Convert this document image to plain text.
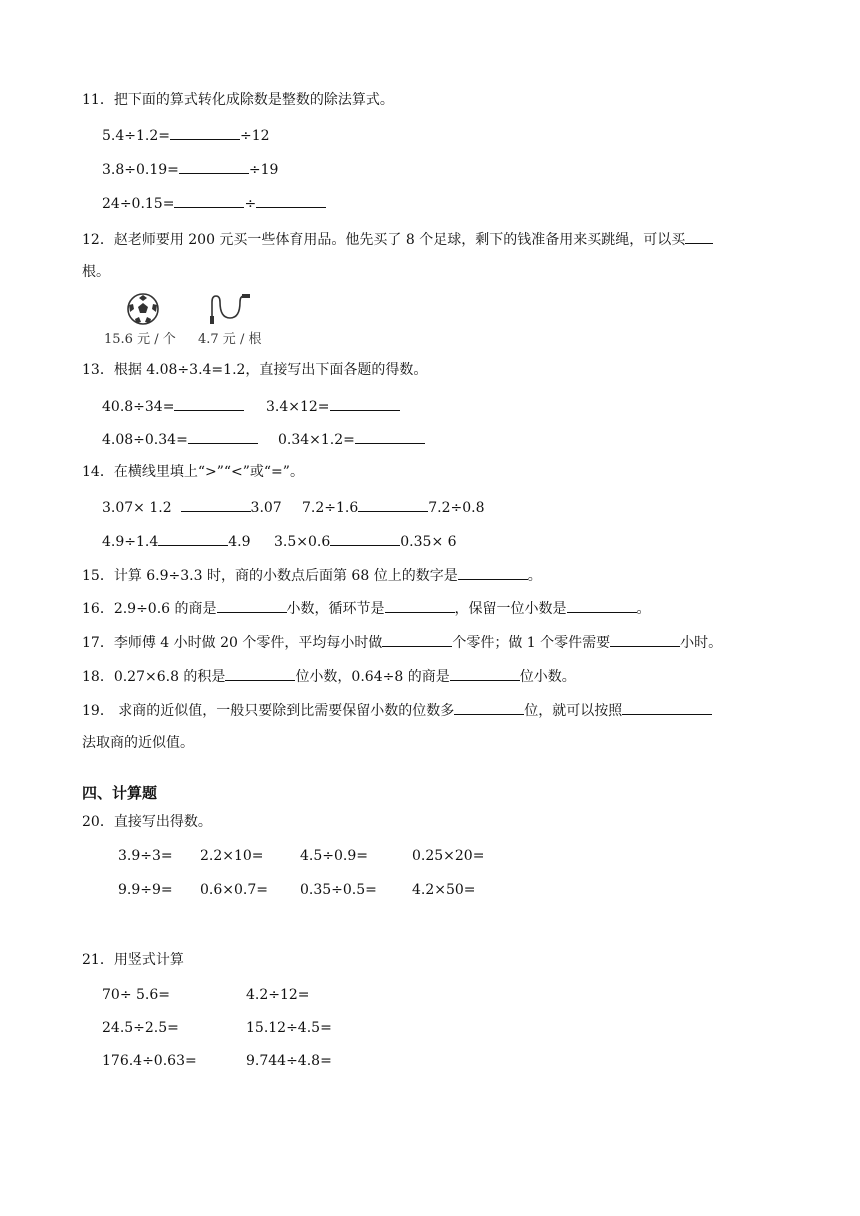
11．把下面的算式转化成除数是整数的除法算式。
5.4÷1.2=	÷12
3.8÷0.19=	÷19
24÷0.15=	÷
12．赵老师要用 200 元买一些体育用品。他先买了 8 个足球，剩下的钱准备用来买跳绳，可以买
根。
15.6 元 / 个 4.7 元 / 根
13．根据 4.08÷3.4=1.2，直接写出下面各题的得数。
40.8÷34=	3.4×12=
4.08÷0.34=	0.34×1.2=
14．在横线里填上“>”“<”或“=”。
3.07× 1.2	3.07 7.2÷1.6	7.2÷0.8
4.9÷1.4	4.9 3.5×0.6	0.35× 6
15．计算 6.9÷3.3 时，商的小数点后面第 68 位上的数字是	。
16．2.9÷0.6 的商是	小数，循环节是	，保留一位小数是	。
17．李师傅 4 小时做 20 个零件，平均每小时做	个零件；做 1 个零件需要	小时。
18．0.27×6.8 的积是	位小数，0.64÷8 的商是	位小数。
19． 求商的近似值，一般只要除到比需要保留小数的位数多	位，就可以按照
法取商的近似值。
四、计算题
20．直接写出得数。
3.9÷3= 2.2×10=	4.5÷0.9=	0.25×20=
9.9÷9= 0.6×0.7= 0.35÷0.5=	4.2×50=
21．用竖式计算
70÷ 5.6=	4.2÷12=
24.5÷2.5=	15.12÷4.5=
176.4÷0.63=	9.744÷4.8=
